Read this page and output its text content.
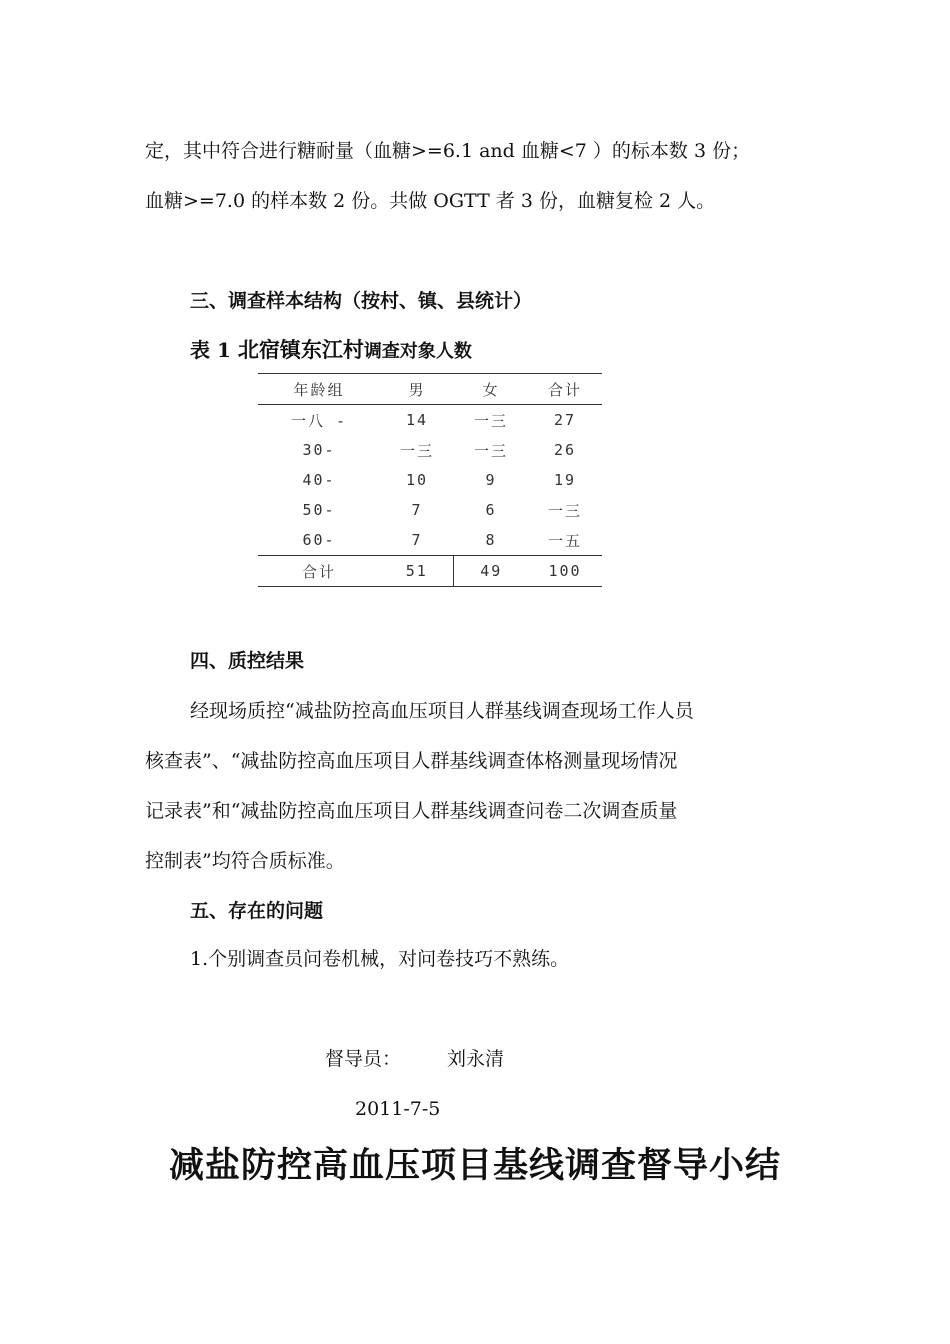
定，其中符合进行糖耐量（血糖>=6.1 and 血糖<7 ）的标本数 3 份；
血糖>=7.0 的样本数 2 份。共做 OGTT 者 3 份，血糖复检 2 人。
三、调查样本结构（按村、镇、县统计）
表 1 北宿镇东江村调查对象人数
年龄组	男	女	合计
一八 -	14	一三	27
30-	一三	一三	26
40-	10	9	19
50-	7	6	一三
60-	7	8	一五
合计	51	49	100
四、质控结果
经现场质控“减盐防控高血压项目人群基线调查现场工作人员
核查表”、“减盐防控高血压项目人群基线调查体格测量现场情况
记录表”和“减盐防控高血压项目人群基线调查问卷二次调查质量
控制表”均符合质标准。
五、存在的问题
1.个别调查员问卷机械，对问卷技巧不熟练。
督导员： 刘永清
2011-7-5
减盐防控高血压项目基线调查督导小结
